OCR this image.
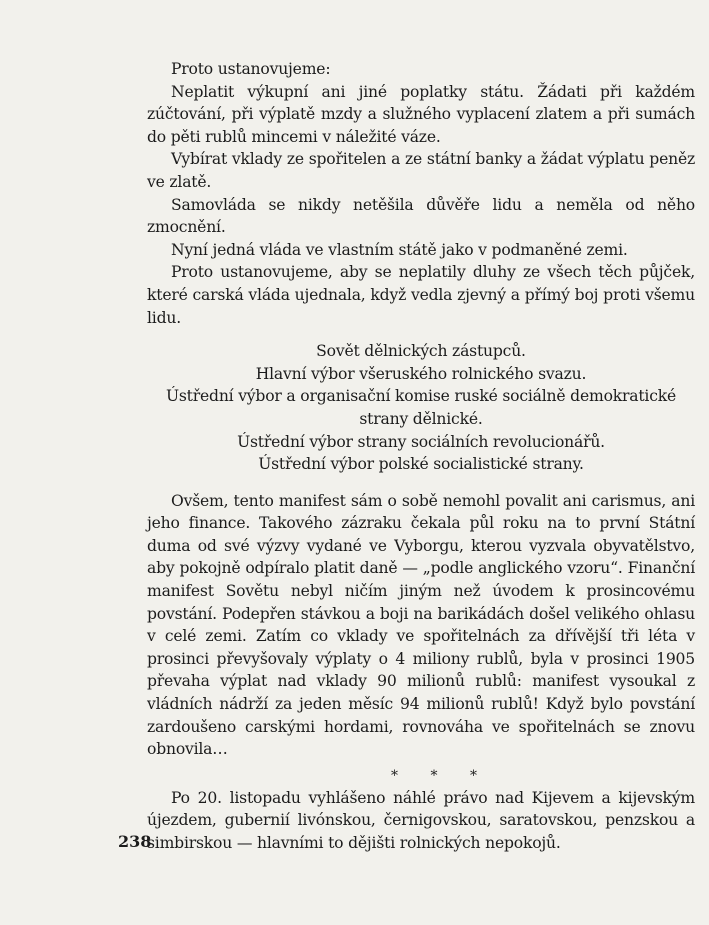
Proto ustanovujeme:

Neplatit výkupní ani jiné poplatky státu. Žádati při každém zúčtování, při výplatě mzdy a služného vyplacení zlatem a při sumách do pěti rublů mincemi v náležité váze.

Vybírat vklady ze spořitelen a ze státní banky a žádat výplatu peněz ve zlatě.

Samovláda se nikdy netěšila důvěře lidu a neměla od něho zmocnění.

Nyní jedná vláda ve vlastním státě jako v podmaněné zemi.

Proto ustanovujeme, aby se neplatily dluhy ze všech těch půjček, které carská vláda ujednala, když vedla zjevný a přímý boj proti všemu lidu.

Sovět dělnických zástupců.
Hlavní výbor všeruského rolnického svazu.
Ústřední výbor a organisační komise ruské sociálně demokratické strany dělnické.
Ústřední výbor strany sociálních revolucionářů.
Ústřední výbor polské socialistické strany.

Ovšem, tento manifest sám o sobě nemohl povalit ani carismus, ani jeho finance. Takového zázraku čekala půl roku na to první Státní duma od své výzvy vydané ve Vyborgu, kterou vyzvala obyvatělstvo, aby pokojně odpíralo platit daně — „podle anglického vzoru“. Finanční manifest Sovětu nebyl ničím jiným než úvodem k prosincovému povstání. Podepřen stávkou a boji na barikádách došel velikého ohlasu v celé zemi. Zatím co vklady ve spořitelnách za dřívější tři léta v prosinci převyšovaly výplaty o 4 miliony rublů, byla v prosinci 1905 převaha výplat nad vklady 90 milionů rublů: manifest vysoukal z vládních nádrží za jeden měsíc 94 milionů rublů! Když bylo povstání zardoušeno carskými hordami, rovnováha ve spořitelnách se znovu obnovila…

* * *

Po 20. listopadu vyhlášeno náhlé právo nad Kijevem a kijevským újezdem, gubernií livónskou, černigovskou, saratovskou, penzskou a simbirskou — hlavními to dějišti rolnických nepokojů.

238
